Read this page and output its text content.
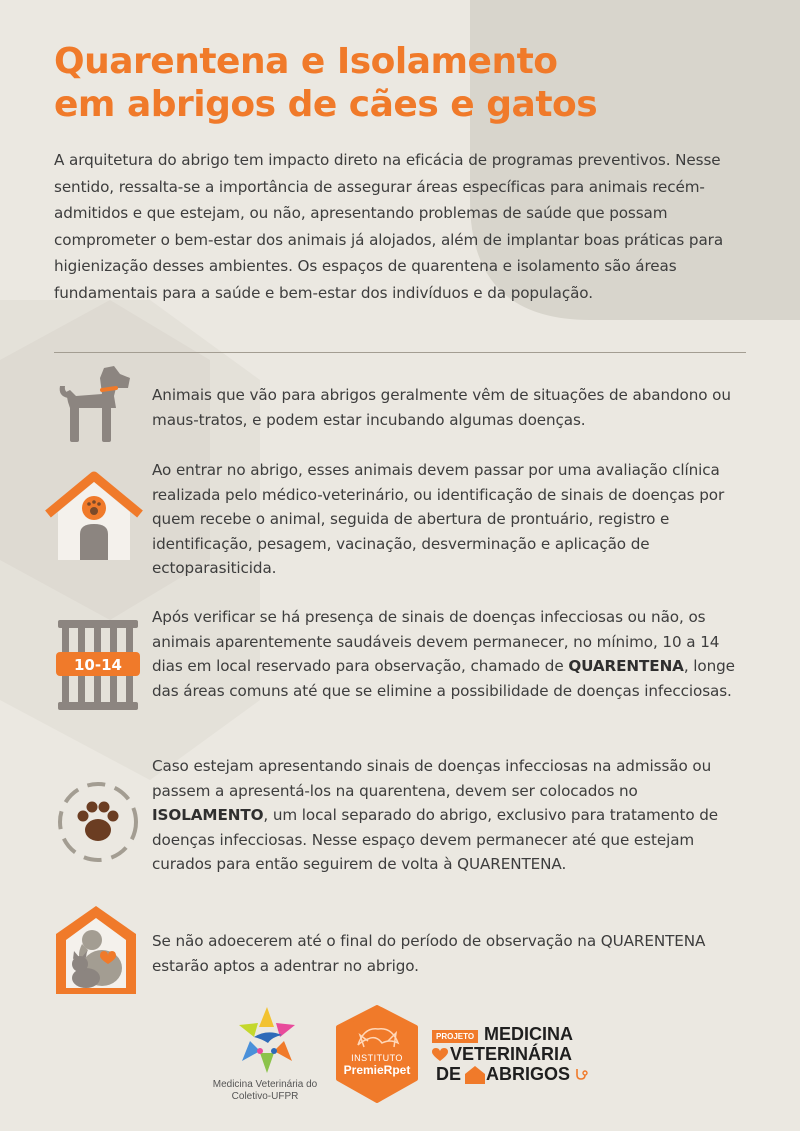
Quarentena e Isolamento
em abrigos de cães e gatos

A arquitetura do abrigo tem impacto direto na eficácia de programas preventivos. Nesse sentido, ressalta-se a importância de assegurar áreas específicas para animais recém-admitidos e que estejam, ou não, apresentando problemas de saúde que possam comprometer o bem-estar dos animais já alojados, além de implantar boas práticas para higienização desses ambientes. Os espaços de quarentena e isolamento são áreas fundamentais para a saúde e bem-estar dos indivíduos e da população.

Animais que vão para abrigos geralmente vêm de situações de abandono ou maus-tratos, e podem estar incubando algumas doenças.

Ao entrar no abrigo, esses animais devem passar por uma avaliação clínica realizada pelo médico-veterinário, ou identificação de sinais de doenças por quem recebe o animal, seguida de abertura de prontuário, registro e identificação, pesagem, vacinação, desverminação e aplicação de ectoparasiticida.

10-14

Após verificar se há presença de sinais de doenças infecciosas ou não, os animais aparentemente saudáveis devem permanecer, no mínimo, 10 a 14 dias em local reservado para observação, chamado de QUARENTENA, longe das áreas comuns até que se elimine a possibilidade de doenças infecciosas.

Caso estejam apresentando sinais de doenças infecciosas na admissão ou passem a apresentá-los na quarentena, devem ser colocados no ISOLAMENTO, um local separado do abrigo, exclusivo para tratamento de doenças infecciosas. Nesse espaço devem permanecer até que estejam curados para então seguirem de volta à QUARENTENA.

Se não adoecerem até o final do período de observação na QUARENTENA estarão aptos a adentrar no abrigo.

Medicina Veterinária do
Coletivo-UFPR
INSTITUTO
PremieRpet
PROJETO MEDICINA
VETERINÁRIA
DE ABRIGOS
